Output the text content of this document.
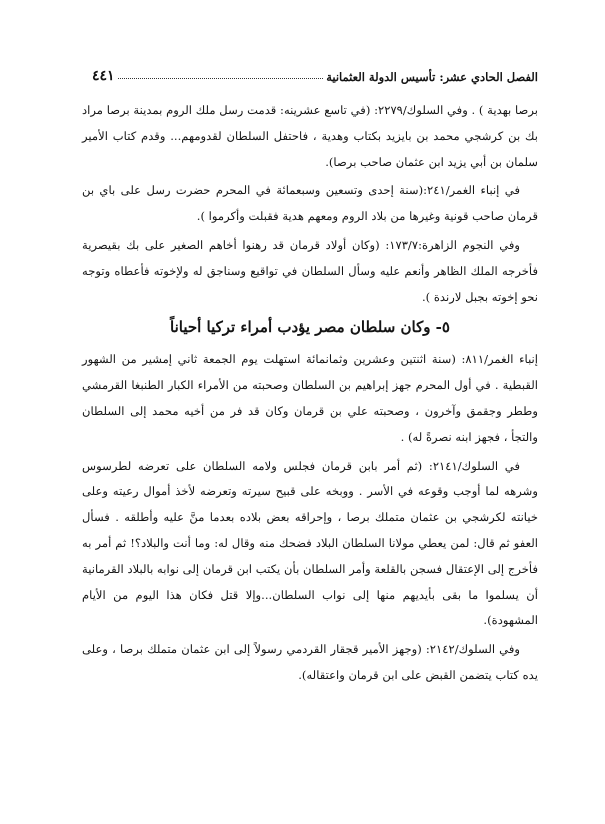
الفصل الحادي عشر: تأسيس الدولة العثمانية
٤٤١

برصا بهدية ) . وفي السلوك/٢٢٧٩: (في تاسع عشرينه: قدمت رسل ملك الروم بمدينة برصا مراد بك بن كرشجي محمد بن بايزيد بكتاب وهدية ، فاحتفل السلطان لقدومهم... وقدم كتاب الأمير سلمان بن أبي يزيد ابن عثمان صاحب برصا).

في إنباء الغمر/٢٤١:(سنة إحدى وتسعين وسبعمائة في المحرم حضرت رسل على باي بن قرمان صاحب قونية وغيرها من بلاد الروم ومعهم هدية فقبلت وأكرموا ).

وفي النجوم الزاهرة:١٧٣/٧: (وكان أولاد قرمان قد رهنوا أخاهم الصغير على بك بقيصرية فأخرجه الملك الظاهر وأنعم عليه وسأل السلطان في تواقيع وسناجق له ولإخوته فأعطاه وتوجه نحو إخوته بجبل لارندة ).

٥- وكان سلطان مصر يؤدب أمراء تركيا أحياناً

إنباء الغمر/٨١١: (سنة اثنتين وعشرين وثمانمائة استهلت يوم الجمعة ثاني إمشير من الشهور القبطية . في أول المحرم جهز إبراهيم بن السلطان وصحبته من الأمراء الكبار الطنبغا القرمشي وططر وجقمق وآخرون ، وصحبته علي بن قرمان وكان قد فر من أخيه محمد إلى السلطان والتجأ ، فجهز ابنه نصرةً له) .

في السلوك/٢١٤١: (ثم أمر بابن قرمان فجلس ولامه السلطان على تعرضه لطرسوس وشرهه لما أوجب وقوعه في الأسر . ووبخه على قبيح سيرته وتعرضه لأخذ أموال رعيته وعلى خيانته لكرشجي بن عثمان متملك برصا ، وإحراقه بعض بلاده بعدما منَّ عليه وأطلقه . فسأل العفو ثم قال: لمن يعطي مولانا السلطان البلاد فضحك منه وقال له: وما أنت والبلاد؟! ثم أمر به فأخرج إلى الإعتقال فسجن بالقلعة وأمر السلطان بأن يكتب ابن قرمان إلى نوابه بالبلاد القرمانية أن يسلموا ما بقى بأيديهم منها إلى نواب السلطان...وإلا قتل فكان هذا اليوم من الأيام المشهودة).

وفي السلوك/٢١٤٢: (وجهز الأمير قجقار القردمي رسولاً إلى ابن عثمان متملك برصا ، وعلى يده كتاب يتضمن القبض على ابن قرمان واعتقاله).
